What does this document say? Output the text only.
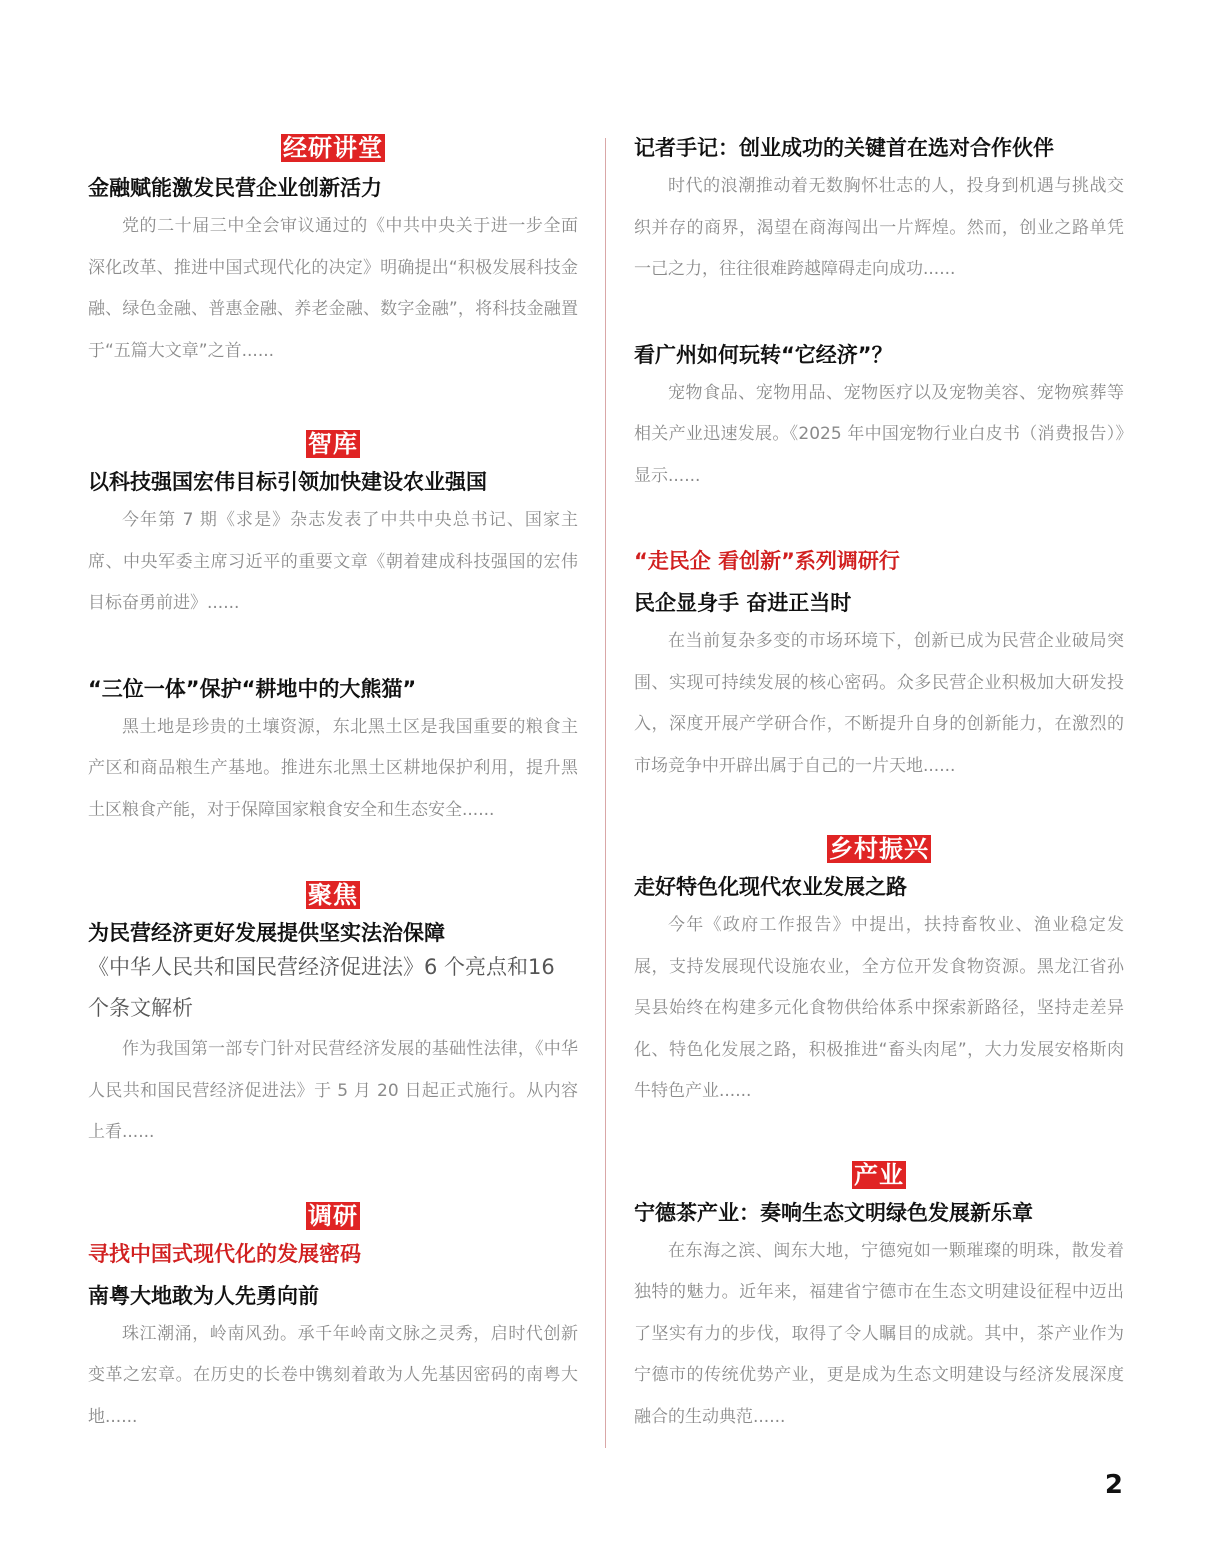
经研讲堂
金融赋能激发民营企业创新活力

党的二十届三中全会审议通过的《中共中央关于进一步全面深化改革、推进中国式现代化的决定》明确提出“积极发展科技金融、绿色金融、普惠金融、养老金融、数字金融”，将科技金融置于“五篇大文章”之首......

智库
以科技强国宏伟目标引领加快建设农业强国

今年第 7 期《求是》杂志发表了中共中央总书记、国家主席、中央军委主席习近平的重要文章《朝着建成科技强国的宏伟目标奋勇前进》......

“三位一体”保护“耕地中的大熊猫”

黑土地是珍贵的土壤资源，东北黑土区是我国重要的粮食主产区和商品粮生产基地。推进东北黑土区耕地保护利用，提升黑土区粮食产能，对于保障国家粮食安全和生态安全......

聚焦
为民营经济更好发展提供坚实法治保障

《中华人民共和国民营经济促进法》6 个亮点和16 个条文解析

作为我国第一部专门针对民营经济发展的基础性法律，《中华人民共和国民营经济促进法》于 5 月 20 日起正式施行。从内容上看......

调研
寻找中国式现代化的发展密码
南粤大地敢为人先勇向前

珠江潮涌，岭南风劲。承千年岭南文脉之灵秀，启时代创新变革之宏章。在历史的长卷中镌刻着敢为人先基因密码的南粤大地......

记者手记：创业成功的关键首在选对合作伙伴

时代的浪潮推动着无数胸怀壮志的人，投身到机遇与挑战交织并存的商界，渴望在商海闯出一片辉煌。然而，创业之路单凭一己之力，往往很难跨越障碍走向成功......

看广州如何玩转“它经济”？

宠物食品、宠物用品、宠物医疗以及宠物美容、宠物殡葬等相关产业迅速发展。《2025 年中国宠物行业白皮书（消费报告）》显示......

“走民企 看创新”系列调研行
民企显身手 奋进正当时

在当前复杂多变的市场环境下，创新已成为民营企业破局突围、实现可持续发展的核心密码。众多民营企业积极加大研发投入，深度开展产学研合作，不断提升自身的创新能力，在激烈的市场竞争中开辟出属于自己的一片天地......

乡村振兴
走好特色化现代农业发展之路

今年《政府工作报告》中提出，扶持畜牧业、渔业稳定发展，支持发展现代设施农业，全方位开发食物资源。黑龙江省孙吴县始终在构建多元化食物供给体系中探索新路径，坚持走差异化、特色化发展之路，积极推进“畜头肉尾”，大力发展安格斯肉牛特色产业......

产业
宁德茶产业：奏响生态文明绿色发展新乐章

在东海之滨、闽东大地，宁德宛如一颗璀璨的明珠，散发着独特的魅力。近年来，福建省宁德市在生态文明建设征程中迈出了坚实有力的步伐，取得了令人瞩目的成就。其中，茶产业作为宁德市的传统优势产业，更是成为生态文明建设与经济发展深度融合的生动典范......

2
